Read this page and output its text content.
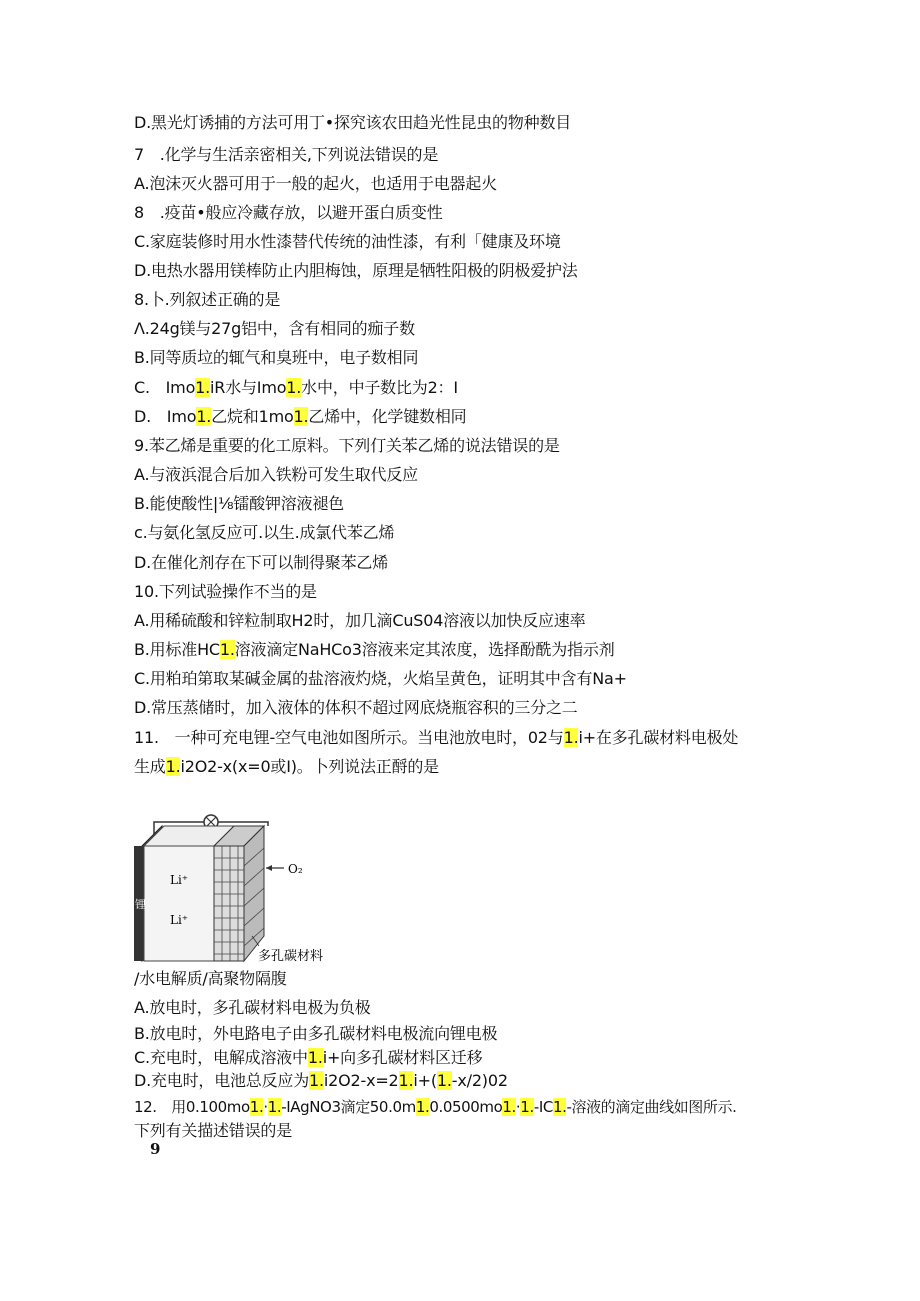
D.黑光灯诱捕的方法可用丁•探究该农田趋光性昆虫的物种数目
7　.化学与生活亲密相关,下列说法错误的是
A.泡沫灭火器可用于一般的起火，也适用于电器起火
8　.疫苗•般应冷藏存放，以避开蛋白质变性
C.家庭装修时用水性漆替代传统的油性漆，有利「健康及环境
D.电热水器用镁棒防止内胆梅蚀，原理是牺牲阳极的阴极爱护法
8.卜.列叙述正确的是
Λ.24g镁与27g铝中，含有相同的痂子数
B.同等质垃的辄气和臭班中，电子数相同
C.　Imo1.iR水与Imo1.水中，中子数比为2：I
D.　Imo1.乙烷和1mo1.乙烯中，化学键数相同
9.苯乙烯是重要的化工原料。下列仃关苯乙烯的说法错误的是
A.与液浜混合后加入铁粉可发生取代反应
B.能使酸性|⅛镭酸钾溶液褪色
c.与氨化氢反应可.以生.成氯代苯乙烯
D.在催化剂存在下可以制得聚苯乙烯
10.下列试验操作不当的是
A.用稀硫酸和锌粒制取H2时，加几滴CuS04溶液以加快反应速率
B.用标准HC1.溶液滴定NaHCo3溶液来定其浓度，选择酚酰为指示剂
C.用粕珀第取某碱金属的盐溶液灼烧，火焰呈黄色，证明其中含有Na+
D.常压蒸储时，加入液体的体积不超过网底烧瓶容积的三分之二
11.　一种可充电锂-空气电池如图所示。当电池放电时，02与1.i+在多孔碳材料电极处
生成1.i2O2-x(x=0或I)。卜列说法正酹的是
Li⁺
Li⁺
锂
O₂
多孔碳材料
/水电解质/高聚物隔腹
A.放电时，多孔碳材料电极为负极
B.放电时，外电路电子由多孔碳材料电极流向锂电极
C.充电时，电解成溶液中1.i+向多孔碳材料区迁移
D.充电时，电池总反应为1.i2O2-x=21.i+(1.-x∕2)02
12.　用0.100mo1.·1.-IAgNO3滴定50.0m1.0.0500mo1.·1.-IC1.-溶液的滴定曲线如图所示.
下列有关描述错误的是
9
